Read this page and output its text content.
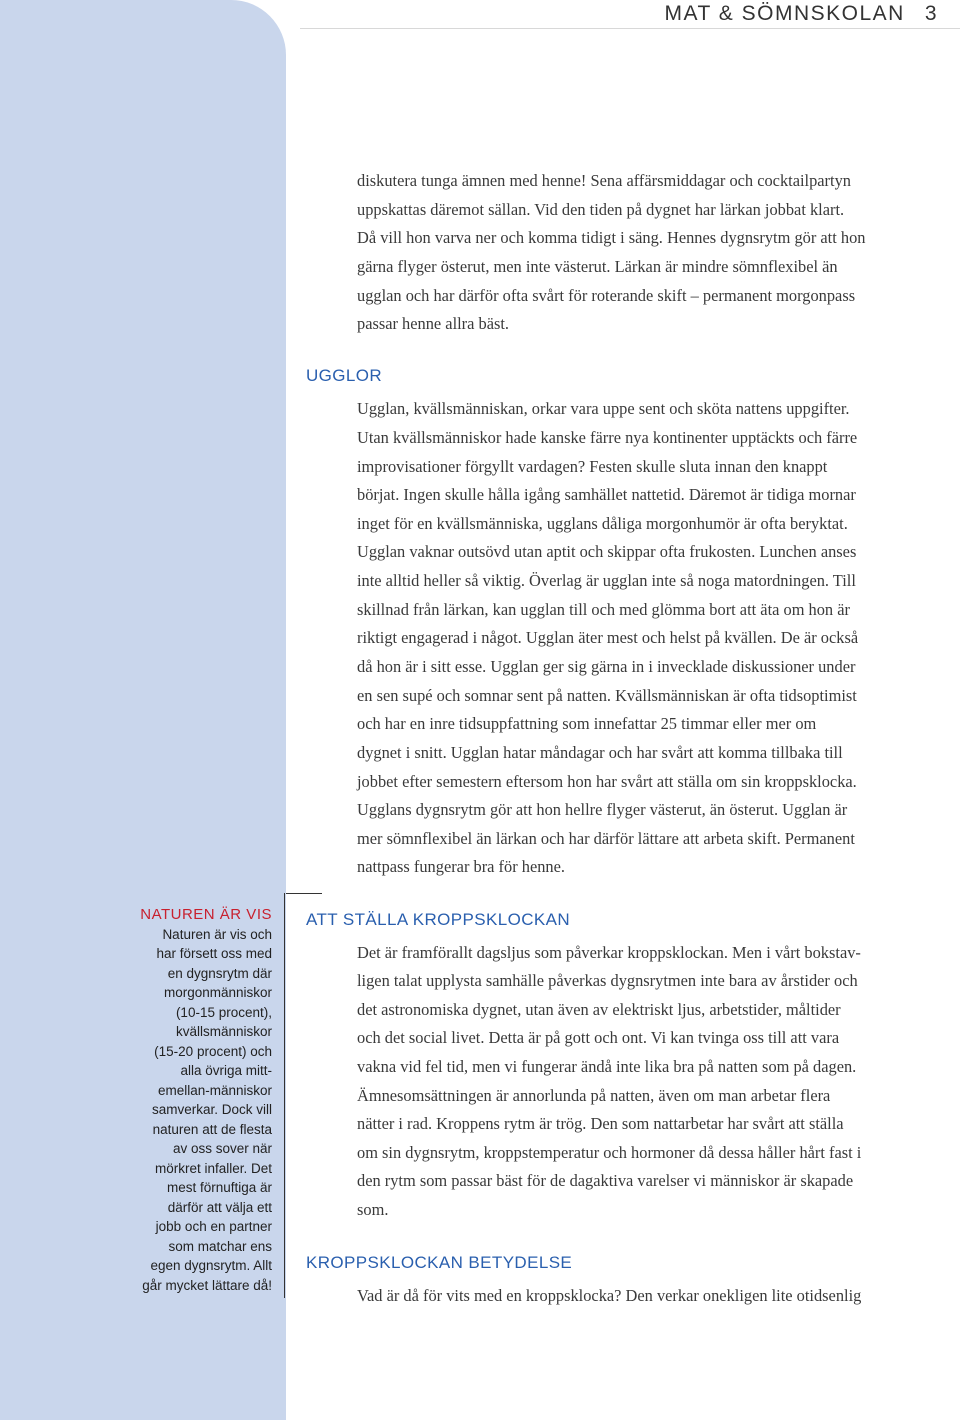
MAT & SÖMNSKOLAN 3

diskutera tunga ämnen med henne! Sena affärsmiddagar och cocktailpartyn

uppskattas däremot sällan. Vid den tiden på dygnet har lärkan jobbat klart.

Då vill hon varva ner och komma tidigt i säng. Hennes dygnsrytm gör att hon

gärna flyger österut, men inte västerut. Lärkan är mindre sömnflexibel än

ugglan och har därför ofta svårt för roterande skift – permanent morgonpass

passar henne allra bäst.

UGGLOR

Ugglan, kvällsmänniskan, orkar vara uppe sent och sköta nattens uppgifter.

Utan kvällsmänniskor hade kanske färre nya kontinenter upptäckts och färre

improvisationer förgyllt vardagen? Festen skulle sluta innan den knappt

börjat. Ingen skulle hålla igång samhället nattetid. Däremot är tidiga mornar

inget för en kvällsmänniska, ugglans dåliga morgonhumör är ofta beryktat.

Ugglan vaknar outsövd utan aptit och skippar ofta frukosten. Lunchen anses

inte alltid heller så viktig. Överlag är ugglan inte så noga matordningen. Till

skillnad från lärkan, kan ugglan till och med glömma bort att äta om hon är

riktigt engagerad i något. Ugglan äter mest och helst på kvällen. De är också

då hon är i sitt esse. Ugglan ger sig gärna in i invecklade diskussioner under

en sen supé och somnar sent på natten. Kvällsmänniskan är ofta tidsoptimist

och har en inre tidsuppfattning som innefattar 25 timmar eller mer om

dygnet i snitt. Ugglan hatar måndagar och har svårt att komma tillbaka till

jobbet efter semestern eftersom hon har svårt att ställa om sin kroppsklocka.

Ugglans dygnsrytm gör att hon hellre flyger västerut, än österut. Ugglan är

mer sömnflexibel än lärkan och har därför lättare att arbeta skift. Permanent

nattpass fungerar bra för henne.

ATT STÄLLA KROPPSKLOCKAN

Det är framförallt dagsljus som påverkar kroppsklockan. Men i vårt bokstav-

ligen talat upplysta samhälle påverkas dygnsrytmen inte bara av årstider och

det astronomiska dygnet, utan även av elektriskt ljus, arbetstider, måltider

och det social livet. Detta är på gott och ont. Vi kan tvinga oss till att vara

vakna vid fel tid, men vi fungerar ändå inte lika bra på natten som på dagen.

Ämnesomsättningen är annorlunda på natten, även om man arbetar flera

nätter i rad. Kroppens rytm är trög. Den som nattarbetar har svårt att ställa

om sin dygnsrytm, kroppstemperatur och hormoner då dessa håller hårt fast i

den rytm som passar bäst för de dagaktiva varelser vi människor är skapade

som.

KROPPSKLOCKAN BETYDELSE

Vad är då för vits med en kroppsklocka? Den verkar onekligen lite otidsenlig

NATUREN ÄR VIS
Naturen är vis och
har försett oss med
en dygnsrytm där
morgonmänniskor
(10-15 procent),
kvällsmänniskor
(15-20 procent) och
alla övriga mitt-
emellan-människor
samverkar. Dock vill
naturen att de flesta
av oss sover när
mörkret infaller. Det
mest förnuftiga är
därför att välja ett
jobb och en partner
som matchar ens
egen dygnsrytm. Allt
går mycket lättare då!
